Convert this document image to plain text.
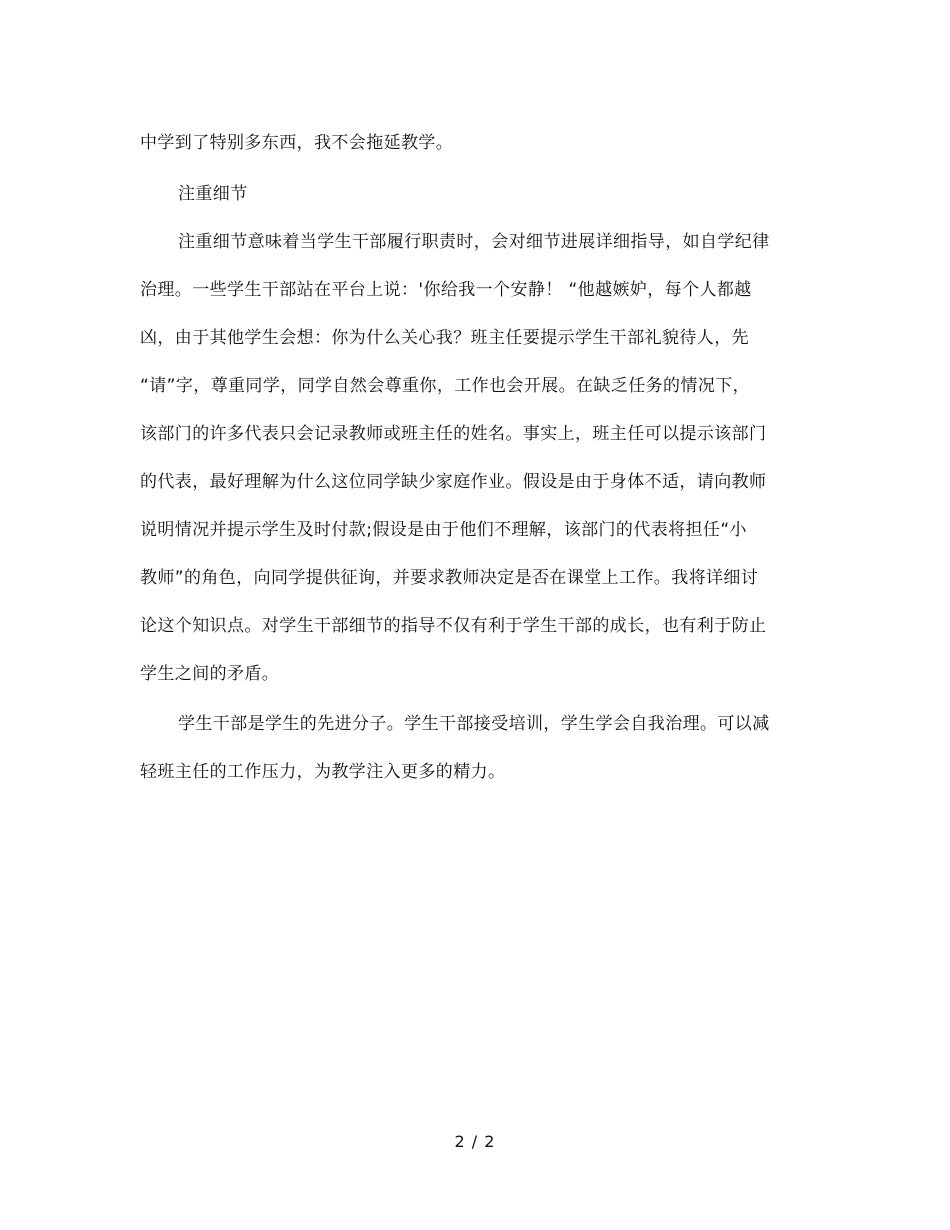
中学到了特别多东西，我不会拖延教学。
注重细节
注重细节意味着当学生干部履行职责时，会对细节进展详细指导，如自学纪律
治理。一些学生干部站在平台上说：'你给我一个安静！ “他越嫉妒，每个人都越
凶，由于其他学生会想：你为什么关心我？班主任要提示学生干部礼貌待人，先
“请”字，尊重同学，同学自然会尊重你，工作也会开展。在缺乏任务的情况下，
该部门的许多代表只会记录教师或班主任的姓名。事实上，班主任可以提示该部门
的代表，最好理解为什么这位同学缺少家庭作业。假设是由于身体不适，请向教师
说明情况并提示学生及时付款;假设是由于他们不理解，该部门的代表将担任“小
教师”的角色，向同学提供征询，并要求教师决定是否在课堂上工作。我将详细讨
论这个知识点。对学生干部细节的指导不仅有利于学生干部的成长，也有利于防止
学生之间的矛盾。
学生干部是学生的先进分子。学生干部接受培训，学生学会自我治理。可以减
轻班主任的工作压力，为教学注入更多的精力。
2 / 2
